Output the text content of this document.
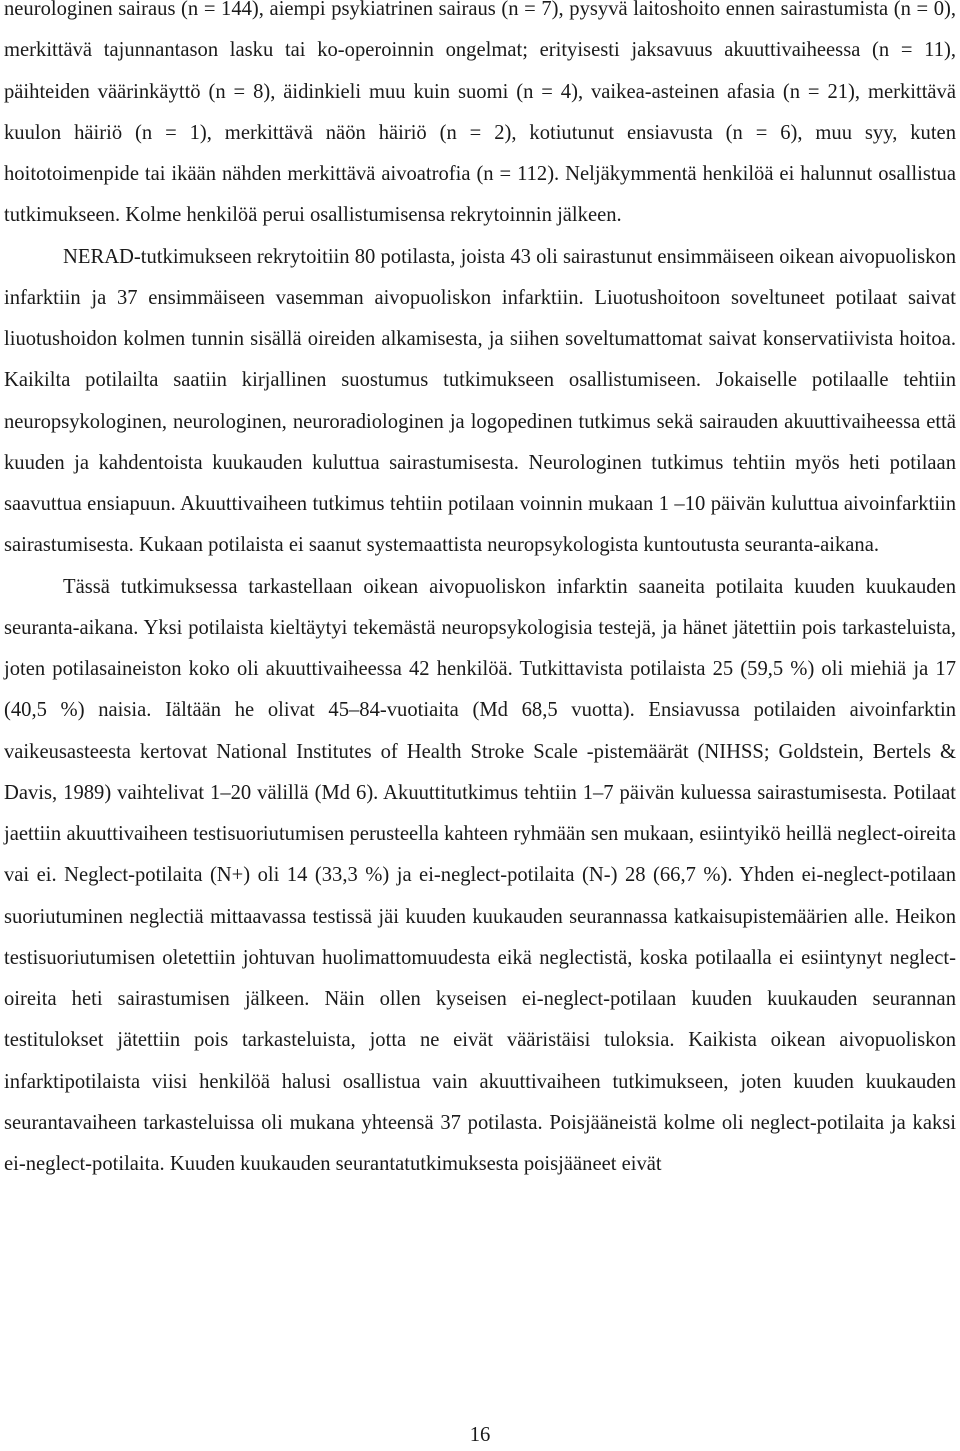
neurologinen sairaus (n = 144), aiempi psykiatrinen sairaus (n = 7), pysyvä laitoshoito ennen sairastumista (n = 0), merkittävä tajunnantason lasku tai ko-operoinnin ongelmat; erityisesti jaksavuus akuuttivaiheessa (n = 11), päihteiden väärinkäyttö (n = 8), äidinkieli muu kuin suomi (n = 4), vaikea-asteinen afasia (n = 21), merkittävä kuulon häiriö (n = 1), merkittävä näön häiriö (n = 2), kotiutunut ensiavusta (n = 6), muu syy, kuten hoitotoimenpide tai ikään nähden merkittävä aivoatrofia (n = 112). Neljäkymmentä henkilöä ei halunnut osallistua tutkimukseen. Kolme henkilöä perui osallistumisensa rekrytoinnin jälkeen.

NERAD-tutkimukseen rekrytoitiin 80 potilasta, joista 43 oli sairastunut ensimmäiseen oikean aivopuoliskon infarktiin ja 37 ensimmäiseen vasemman aivopuoliskon infarktiin. Liuotushoitoon soveltuneet potilaat saivat liuotushoidon kolmen tunnin sisällä oireiden alkamisesta, ja siihen soveltumattomat saivat konservatiivista hoitoa. Kaikilta potilailta saatiin kirjallinen suostumus tutkimukseen osallistumiseen. Jokaiselle potilaalle tehtiin neuropsykologinen, neurologinen, neuroradiologinen ja logopedinen tutkimus sekä sairauden akuuttivaiheessa että kuuden ja kahdentoista kuukauden kuluttua sairastumisesta. Neurologinen tutkimus tehtiin myös heti potilaan saavuttua ensiapuun. Akuuttivaiheen tutkimus tehtiin potilaan voinnin mukaan 1 –10 päivän kuluttua aivoinfarktiin sairastumisesta. Kukaan potilaista ei saanut systemaattista neuropsykologista kuntoutusta seuranta-aikana.

Tässä tutkimuksessa tarkastellaan oikean aivopuoliskon infarktin saaneita potilaita kuuden kuukauden seuranta-aikana. Yksi potilaista kieltäytyi tekemästä neuropsykologisia testejä, ja hänet jätettiin pois tarkasteluista, joten potilasaineiston koko oli akuuttivaiheessa 42 henkilöä. Tutkittavista potilaista 25 (59,5 %) oli miehiä ja 17 (40,5 %) naisia. Iältään he olivat 45–84-vuotiaita (Md 68,5 vuotta). Ensiavussa potilaiden aivoinfarktin vaikeusasteesta kertovat National Institutes of Health Stroke Scale -pistemäärät (NIHSS; Goldstein, Bertels & Davis, 1989) vaihtelivat 1–20 välillä (Md 6). Akuuttitutkimus tehtiin 1–7 päivän kuluessa sairastumisesta. Potilaat jaettiin akuuttivaiheen testisuoriutumisen perusteella kahteen ryhmään sen mukaan, esiintyikö heillä neglect-oireita vai ei. Neglect-potilaita (N+) oli 14 (33,3 %) ja ei-neglect-potilaita (N-) 28 (66,7 %). Yhden ei-neglect-potilaan suoriutuminen neglectiä mittaavassa testissä jäi kuuden kuukauden seurannassa katkaisupistemäärien alle. Heikon testisuoriutumisen oletettiin johtuvan huolimattomuudesta eikä neglectistä, koska potilaalla ei esiintynyt neglect-oireita heti sairastumisen jälkeen. Näin ollen kyseisen ei-neglect-potilaan kuuden kuukauden seurannan testitulokset jätettiin pois tarkasteluista, jotta ne eivät vääristäisi tuloksia. Kaikista oikean aivopuoliskon infarktipotilaista viisi henkilöä halusi osallistua vain akuuttivaiheen tutkimukseen, joten kuuden kuukauden seurantavaiheen tarkasteluissa oli mukana yhteensä 37 potilasta. Poisjääneistä kolme oli neglect-potilaita ja kaksi ei-neglect-potilaita. Kuuden kuukauden seurantatutkimuksesta poisjääneet eivät

16
